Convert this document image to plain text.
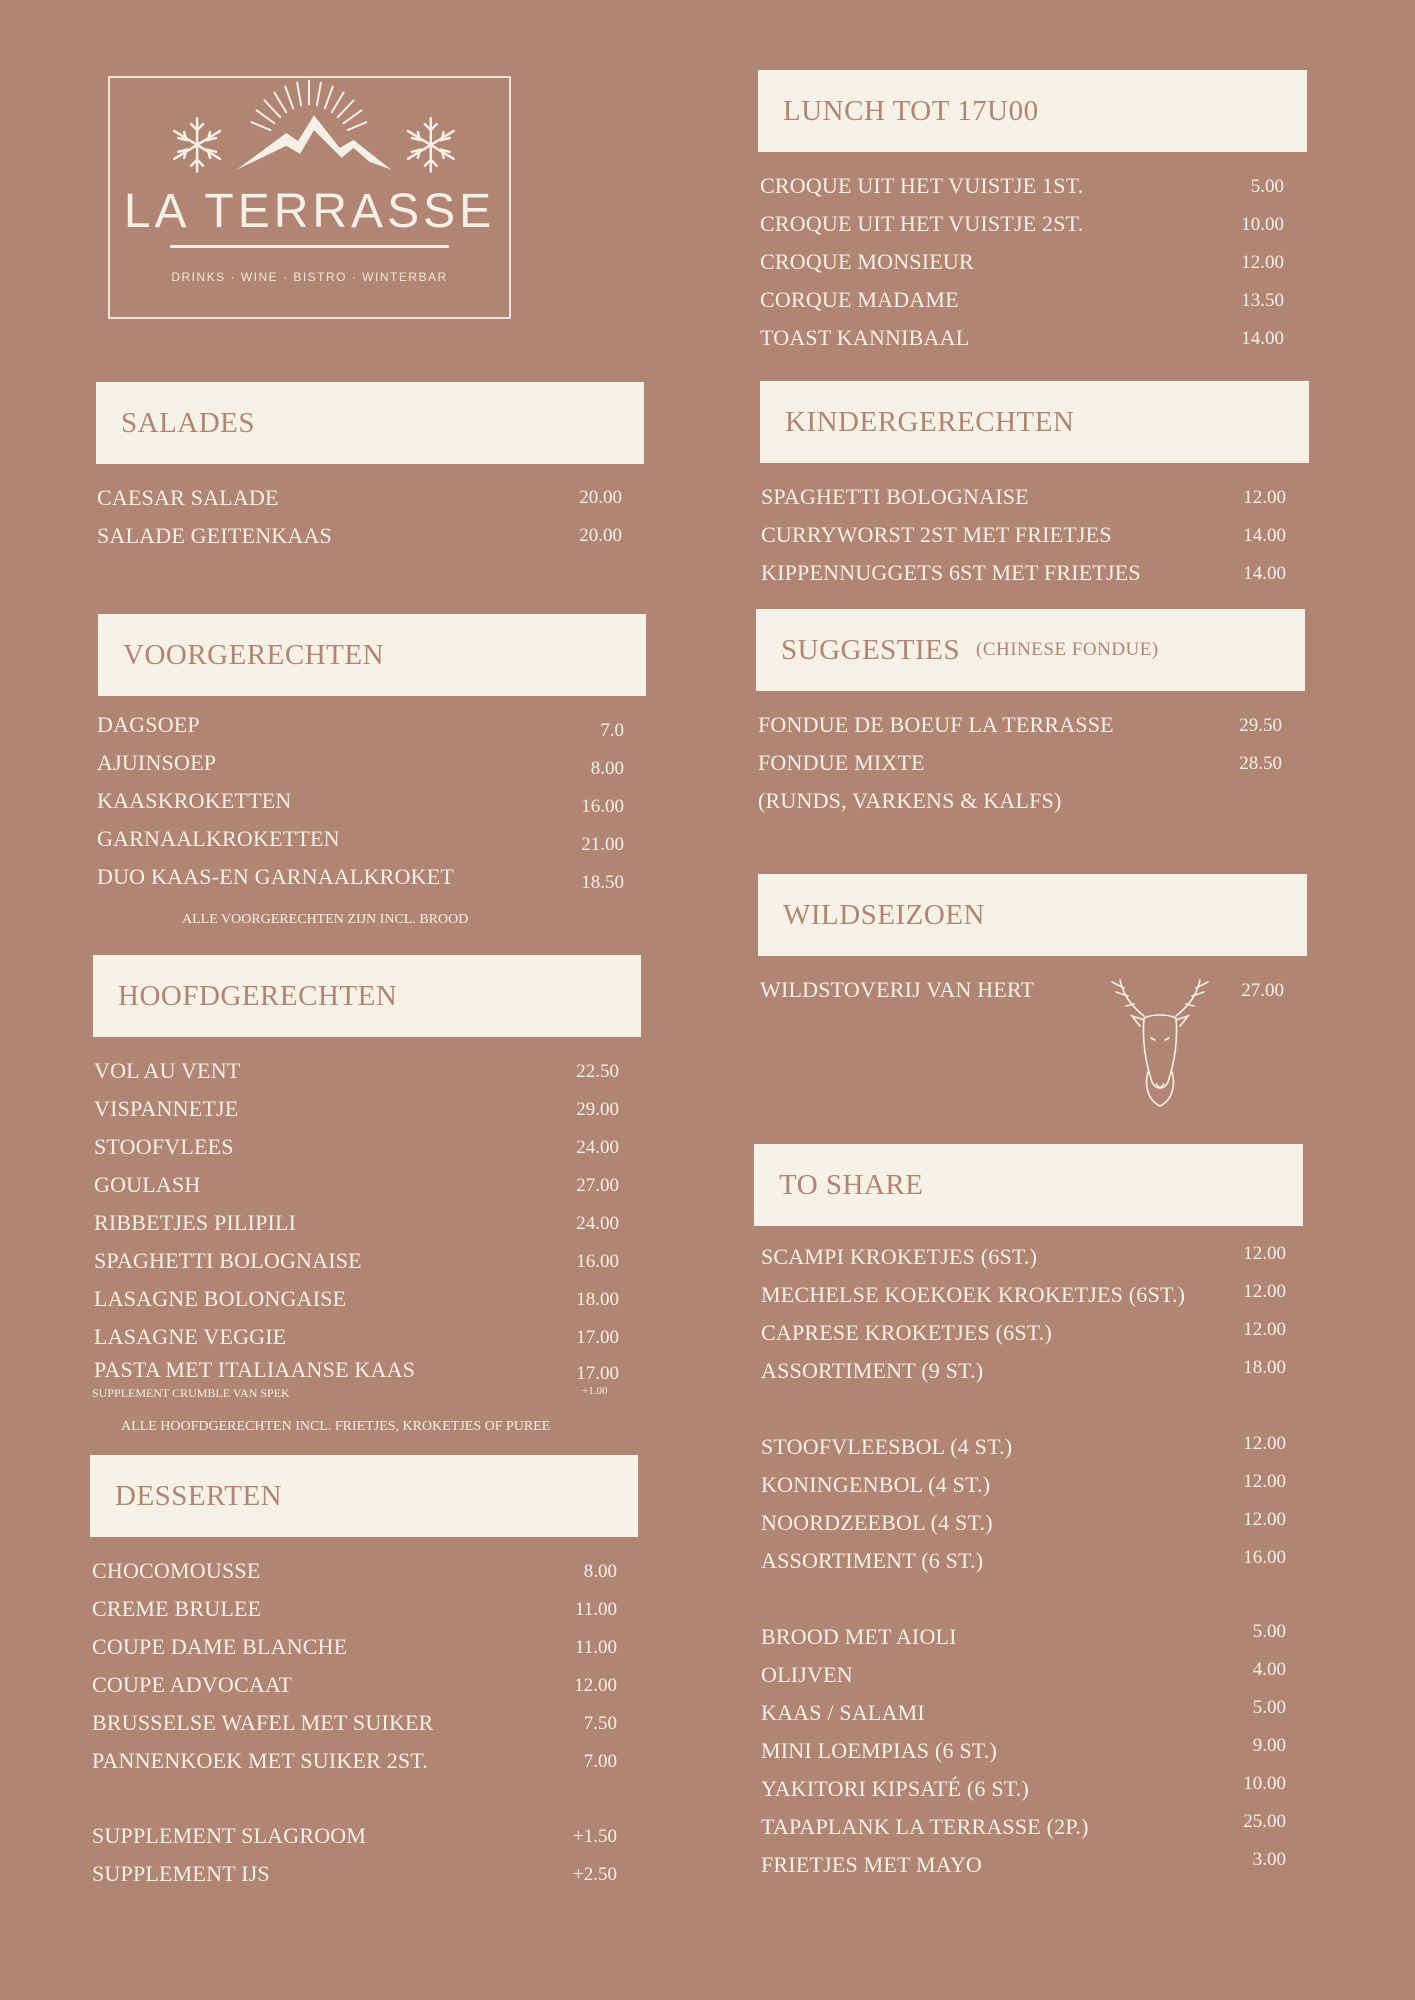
LA TERRASSE
DRINKS · WINE · BISTRO · WINTERBAR
SALADES
CAESAR SALADE	20.00
SALADE GEITENKAAS	20.00
VOORGERECHTEN
DAGSOEP	7.0
AJUINSOEP	8.00
KAASKROKETTEN	16.00
GARNAALKROKETTEN	21.00
DUO KAAS-EN GARNAALKROKET	18.50
ALLE VOORGERECHTEN ZIJN INCL. BROOD
HOOFDGERECHTEN
VOL AU VENT	22.50
VISPANNETJE	29.00
STOOFVLEES	24.00
GOULASH	27.00
RIBBETJES PILIPILI	24.00
SPAGHETTI BOLOGNAISE	16.00
LASAGNE BOLONGAISE	18.00
LASAGNE VEGGIE	17.00
PASTA MET ITALIAANSE KAAS	17.00
SUPPLEMENT CRUMBLE VAN SPEK	+1.00
ALLE HOOFDGERECHTEN INCL. FRIETJES, KROKETJES OF PUREE
DESSERTEN
CHOCOMOUSSE	8.00
CREME BRULEE	11.00
COUPE DAME BLANCHE	11.00
COUPE ADVOCAAT	12.00
BRUSSELSE WAFEL MET SUIKER	7.50
PANNENKOEK MET SUIKER 2ST.	7.00
SUPPLEMENT SLAGROOM	+1.50
SUPPLEMENT IJS	+2.50
LUNCH TOT 17U00
CROQUE UIT HET VUISTJE 1ST.	5.00
CROQUE UIT HET VUISTJE 2ST.	10.00
CROQUE MONSIEUR	12.00
CORQUE MADAME	13.50
TOAST KANNIBAAL	14.00
KINDERGERECHTEN
SPAGHETTI BOLOGNAISE	12.00
CURRYWORST 2ST MET FRIETJES	14.00
KIPPENNUGGETS 6ST MET FRIETJES	14.00
SUGGESTIES (CHINESE FONDUE)
FONDUE DE BOEUF LA TERRASSE	29.50
FONDUE MIXTE	28.50
(RUNDS, VARKENS & KALFS)
WILDSEIZOEN
WILDSTOVERIJ VAN HERT	27.00
TO SHARE
SCAMPI KROKETJES (6ST.)	12.00
MECHELSE KOEKOEK KROKETJES (6ST.)	12.00
CAPRESE KROKETJES (6ST.)	12.00
ASSORTIMENT (9 ST.)	18.00
STOOFVLEESBOL (4 ST.)	12.00
KONINGENBOL (4 ST.)	12.00
NOORDZEEBOL (4 ST.)	12.00
ASSORTIMENT (6 ST.)	16.00
BROOD MET AIOLI	5.00
OLIJVEN	4.00
KAAS / SALAMI	5.00
MINI LOEMPIAS (6 ST.)	9.00
YAKITORI KIPSATÉ (6 ST.)	10.00
TAPAPLANK LA TERRASSE (2P.)	25.00
FRIETJES MET MAYO	3.00
